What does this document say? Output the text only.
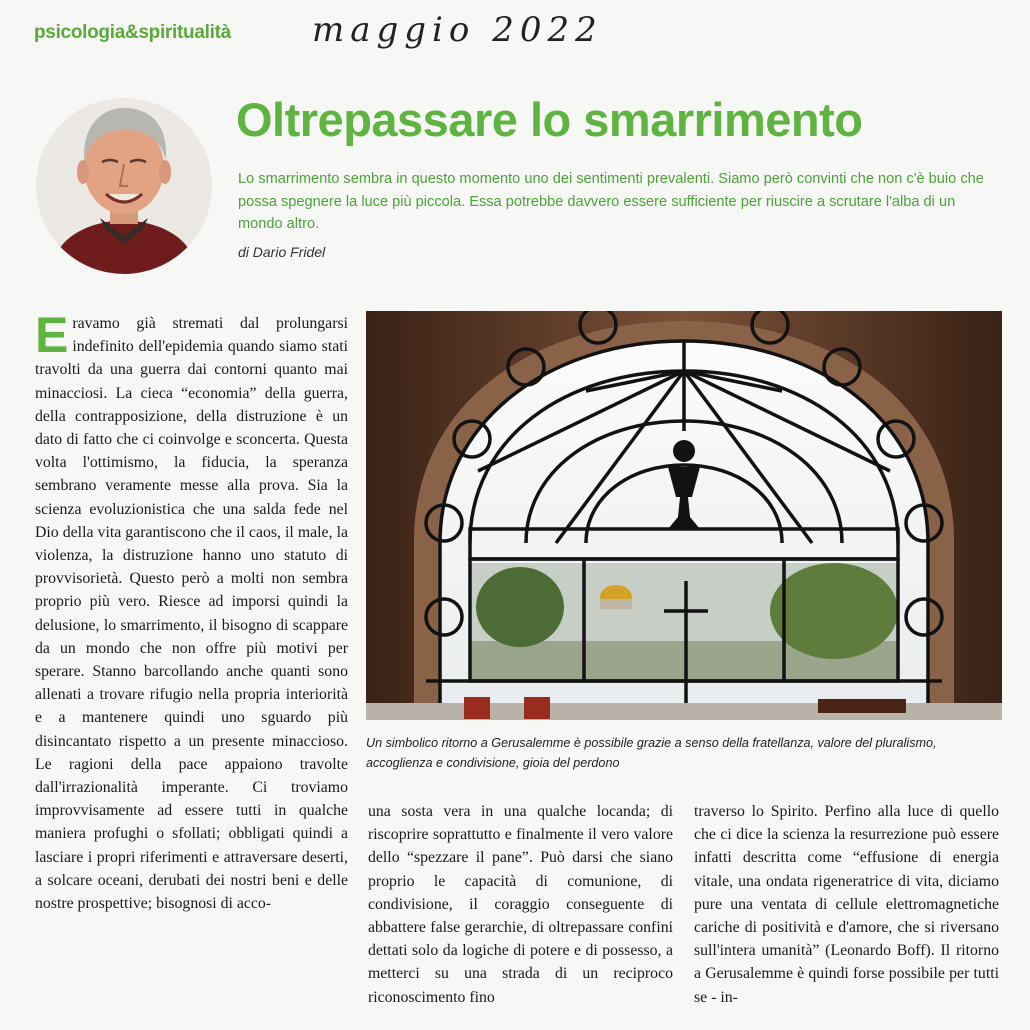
psicologia&spiritualità maggio 2022
Oltrepassare lo smarrimento
Lo smarrimento sembra in questo momento uno dei sentimenti prevalenti. Siamo però convinti che non c'è buio che possa spegnere la luce più piccola. Essa potrebbe davvero essere sufficiente per riuscire a scrutare l'alba di un mondo altro.
di Dario Fridel
E ravamo già stremati dal prolungarsi indefinito dell'epidemia quando siamo stati travolti da una guerra dai contorni quanto mai minacciosi. La cieca “economia” della guerra, della contrapposizione, della distruzione è un dato di fatto che ci coinvolge e sconcerta. Questa volta l'ottimismo, la fiducia, la speranza sembrano veramente messe alla prova. Sia la scienza evoluzionistica che una salda fede nel Dio della vita garantiscono che il caos, il male, la violenza, la distruzione hanno uno statuto di provvisorietà. Questo però a molti non sembra proprio più vero. Riesce ad imporsi quindi la delusione, lo smarrimento, il bisogno di scappare da un mondo che non offre più motivi per sperare. Stanno barcollando anche quanti sono allenati a trovare rifugio nella propria interiorità e a mantenere quindi uno sguardo più disincantato rispetto a un presente minaccioso. Le ragioni della pace appaiono travolte dall'irrazionalità imperante. Ci troviamo improvvisamente ad essere tutti in qualche maniera profughi o sfollati; obbligati quindi a lasciare i propri riferimenti e attraversare deserti, a solcare oceani, derubati dei nostri beni e delle nostre prospettive; bisognosi di acco-

Un simbolico ritorno a Gerusalemme è possibile grazie a senso della fratellanza, valore del pluralismo, accoglienza e condivisione, gioia del perdono

una sosta vera in una qualche locanda; di riscoprire soprattutto e finalmente il vero valore dello “spezzare il pane”. Può darsi che siano proprio le capacità di comunione, di condivisione, il coraggio conseguente di abbattere false gerarchie, di oltrepassare confini dettati solo da logiche di potere e di possesso, a metterci su una strada di un reciproco riconoscimento fino

traverso lo Spirito. Perfino alla luce di quello che ci dice la scienza la resurrezione può essere infatti descritta come “effusione di energia vitale, una ondata rigeneratrice di vita, diciamo pure una ventata di cellule elettromagnetiche cariche di positività e d'amore, che si riversano sull'intera umanità” (Leonardo Boff). Il ritorno a Gerusalemme è quindi forse possibile per tutti se - in-
